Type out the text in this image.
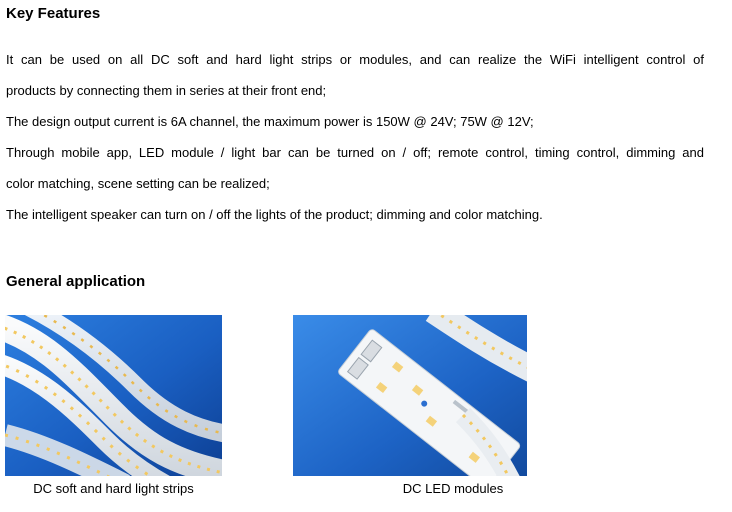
Key Features
It can be used on all DC soft and hard light strips or modules, and can realize the WiFi intelligent control of
products by connecting them in series at their front end;
The design output current is 6A channel, the maximum power is 150W @ 24V; 75W @ 12V;
Through mobile app, LED module / light bar can be turned on / off; remote control, timing control, dimming and
color matching, scene setting can be realized;
The intelligent speaker can turn on / off the lights of the product; dimming and color matching.
General application
DC soft and hard light strips	DC LED modules
